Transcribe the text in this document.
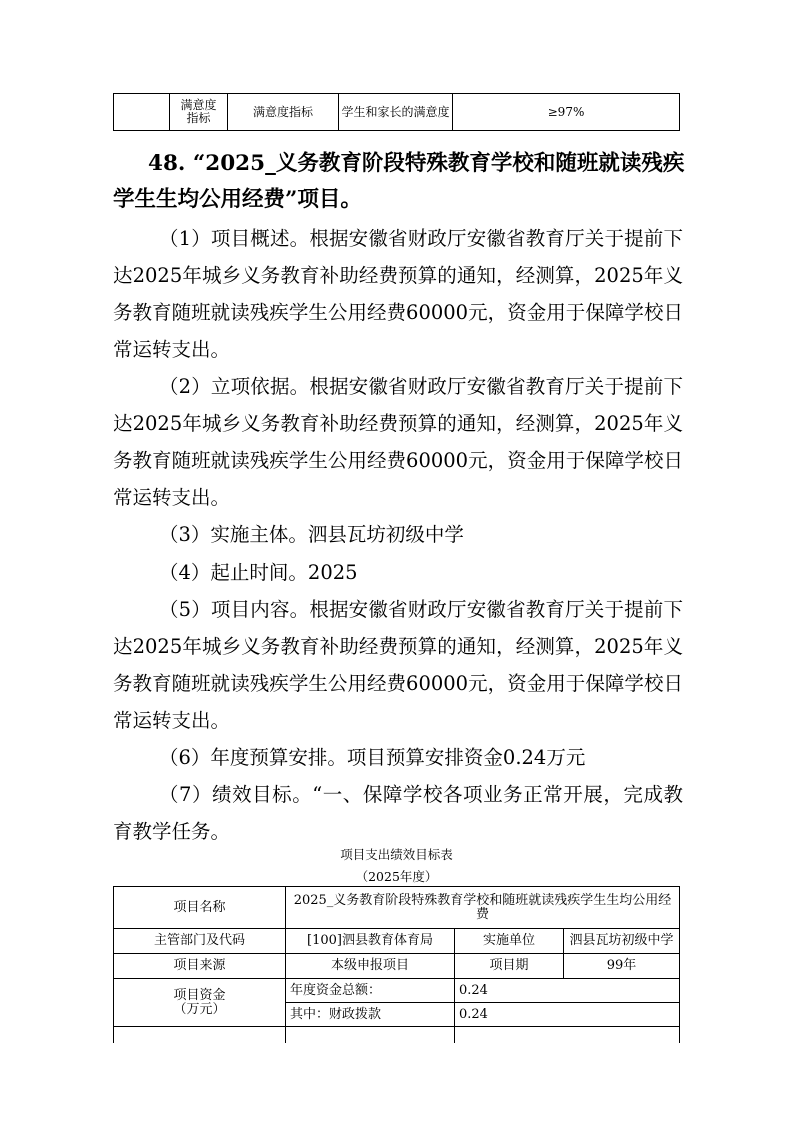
满意度指标	满意度指标	学生和家长的满意度	≥97%
48. “2025_义务教育阶段特殊教育学校和随班就读残疾
学生生均公用经费”项目。

（1）项目概述。根据安徽省财政厅安徽省教育厅关于提前下达2025年城乡义务教育补助经费预算的通知，经测算，2025年义务教育随班就读残疾学生公用经费60000元，资金用于保障学校日常运转支出。

（2）立项依据。根据安徽省财政厅安徽省教育厅关于提前下达2025年城乡义务教育补助经费预算的通知，经测算，2025年义务教育随班就读残疾学生公用经费60000元，资金用于保障学校日常运转支出。

（3）实施主体。泗县瓦坊初级中学

（4）起止时间。2025

（5）项目内容。根据安徽省财政厅安徽省教育厅关于提前下达2025年城乡义务教育补助经费预算的通知，经测算，2025年义务教育随班就读残疾学生公用经费60000元，资金用于保障学校日常运转支出。

（6）年度预算安排。项目预算安排资金0.24万元

（7）绩效目标。“一、保障学校各项业务正常开展，完成教育教学任务。

项目支出绩效目标表
（2025年度）
项目名称	2025_义务教育阶段特殊教育学校和随班就读残疾学生生均公用经费		

主管部门及代码	[100]泗县教育体育局	实施单位	泗县瓦坊初级中学
项目来源	本级申报项目	项目期	99年

项目资金（万元）	年度资金总额：	0.24	
	其中：财政拨款	0.24	
